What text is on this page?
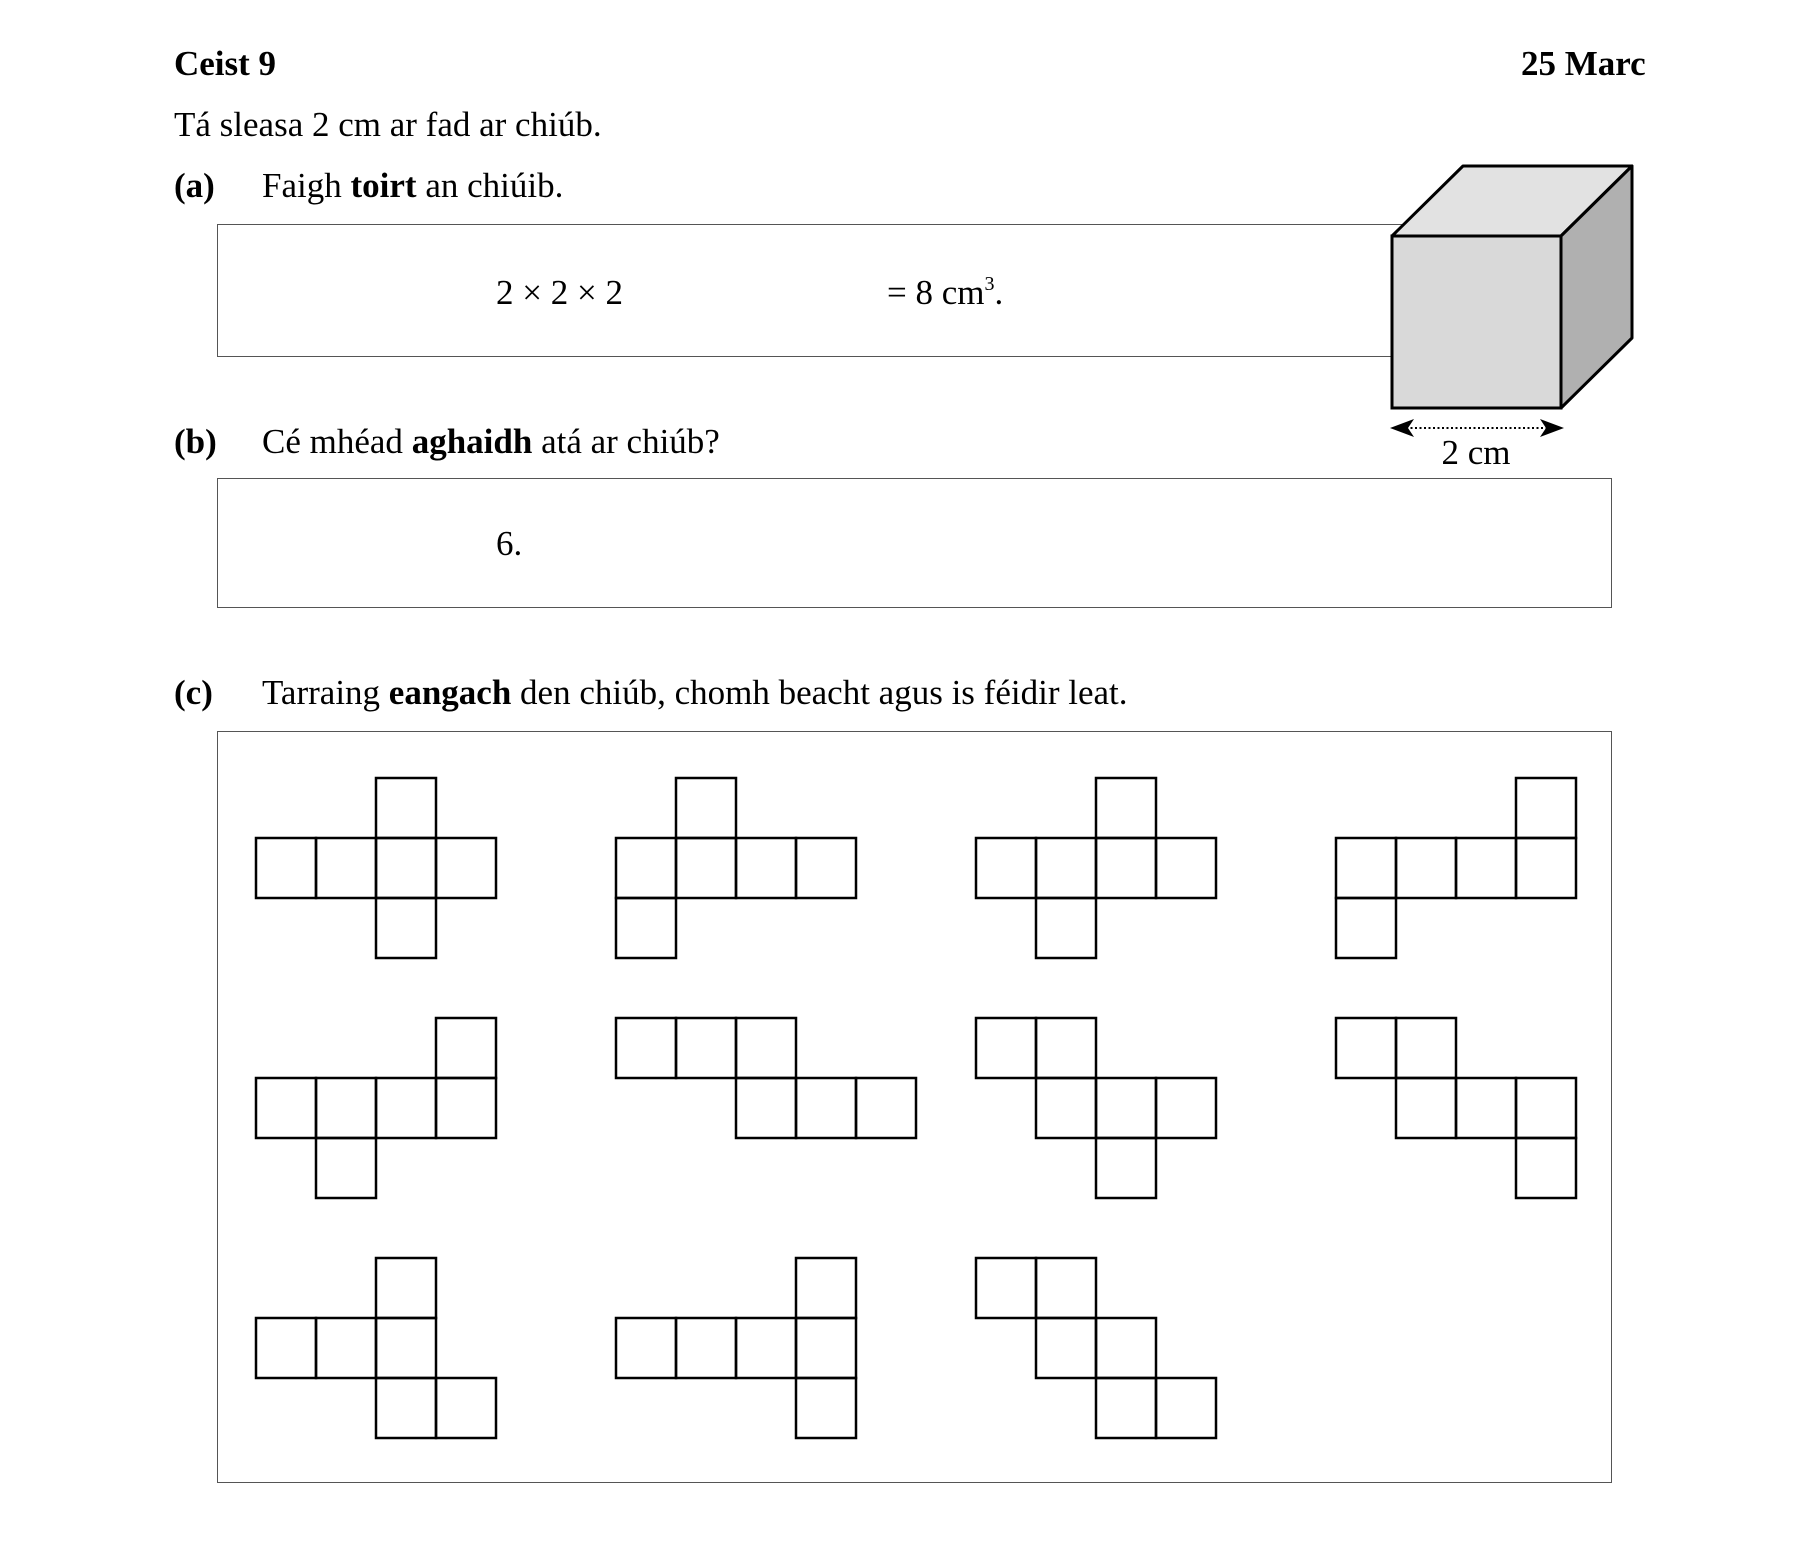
Ceist 9	25 Marc
Tá sleasa 2 cm ar fad ar chiúb.
(a) Faigh toirt an chiúib.
2 × 2 × 2	= 8 $cm^3$.
2 cm
(b) Cé mhéad aghaidh atá ar chiúb?
6.
(c) Tarraing eangach den chiúb, chomh beacht agus is féidir leat.
